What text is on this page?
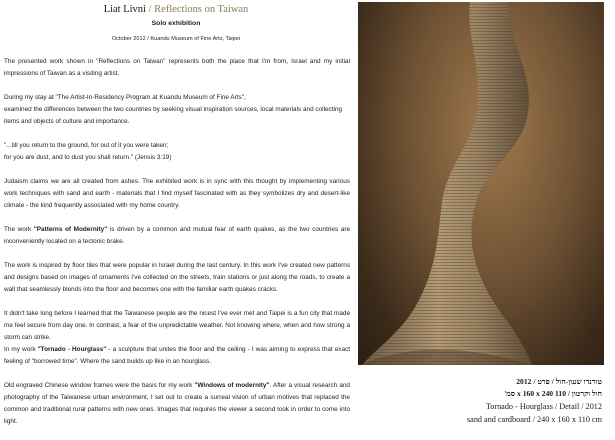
Liat Livni / Reflections on Taiwan
Solo exhibition
October 2012 / Kuandu Museum of Fine Arts, Taipei

The presented work shown in "Reflections on Taiwan" represents both the place that I'm from, Israel and my initial impressions of Taiwan as a visiting artist.

During my stay at "The Artist-In-Residency Program at Kuandu Museum of Fine Arts",
examined the differences between the two countries by seeking visual inspiration sources, local materials and collecting items and objects of culture and importance.

"...till you return to the ground, for out of it you were taken;
for you are dust, and to dust you shall return." (Jensis 3:19)

Judaism claims we are all created from ashes. The exhibited work is in sync with this thought by implementing various work techniques with sand and earth - materials that I find myself fascinated with as they symbolizes dry and desert-like climate - the kind frequently associated with my home country.

The work "Patterns of Modernity" is driven by a common and mutual fear of earth quakes, as the two countries are inconveniently located on a tectonic brake.

The work is inspired by floor tiles that were popular in Israel during the last century. In this work I've created new patterns and designs based on images of ornaments I've collected on the streets, train stations or just along the roads, to create a wall that seamlessly blends into the floor and becomes one with the familiar earth quakes cracks.

It didn't take long before I learned that the Taiwanese people are the nicest I've ever met and Taipei is a fun city that made me feel secure from day one. In contrast, a fear of the unpredictable weather. Not knowing where, when and how strong a storm can strike.

In my work "Tornado - Hourglass" - a sculpture that unites the floor and the ceiling - I was aiming to express that exact feeling of "borrowed time". Where the sand builds up like in an hourglass.

Old engraved Chinese window frames were the basis for my work "Windows of modernity". After a visual research and photography of the Taiwanese urban environment, I set out to create a surreal vision of urban motives that replaced the common and traditional rural patterns with new ones. Images that requires the viewer a second look in order to come into light.

טורנדו שעון-חול / פרט / 2012
חול וקרטון / 110 x 160 x 240 סמ'
Tornado - Hourglass / Detail / 2012
sand and cardboard / 240 x 160 x 110 cm
